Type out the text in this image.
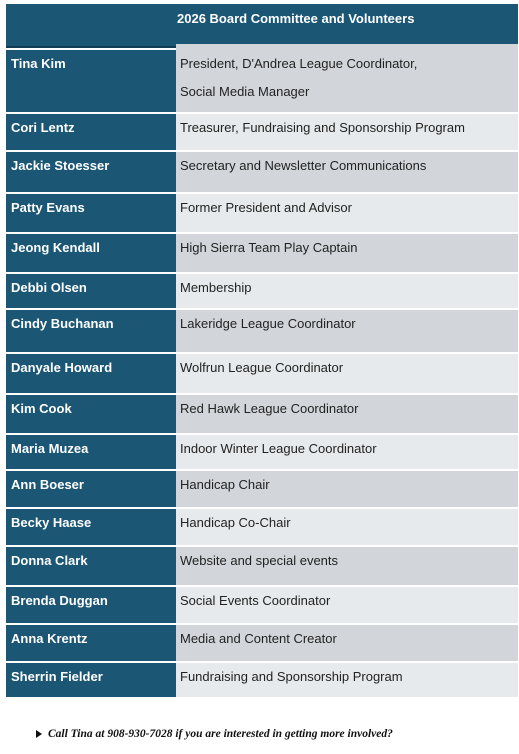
2026 Board Committee and Volunteers
Tina Kim	President, D'Andrea League Coordinator,
Social Media Manager
Cori Lentz	Treasurer, Fundraising and Sponsorship Program
Jackie Stoesser	Secretary and Newsletter Communications
Patty Evans	Former President and Advisor
Jeong Kendall	High Sierra Team Play Captain
Debbi Olsen	Membership
Cindy Buchanan	Lakeridge League Coordinator
Danyale Howard	Wolfrun League Coordinator
Kim Cook	Red Hawk League Coordinator
Maria Muzea	Indoor Winter League Coordinator
Ann Boeser	Handicap Chair
Becky Haase	Handicap Co-Chair
Donna Clark	Website and special events
Brenda Duggan	Social Events Coordinator
Anna Krentz	Media and Content Creator
Sherrin Fielder	Fundraising and Sponsorship Program
Call Tina at 908-930-7028 if you are interested in getting more involved?
